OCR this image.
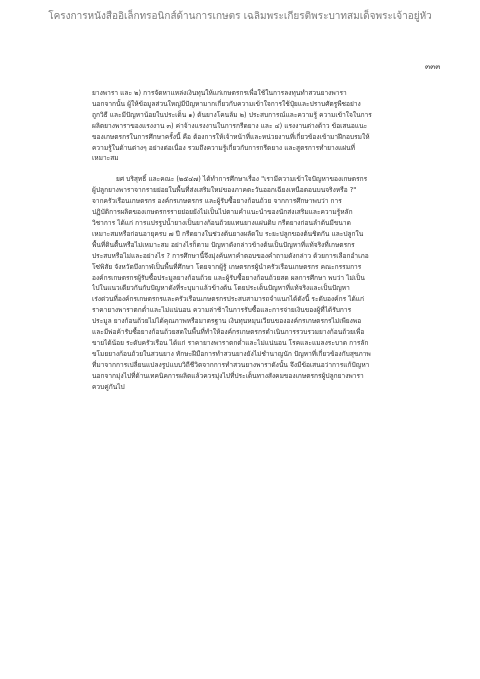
โครงการหนังสืออิเล็กทรอนิกส์ด้านการเกษตร เฉลิมพระเกียรติพระบาทสมเด็จพระเจ้าอยู่หัว
๓๓๓
ยางพารา และ ๒) การจัดหาแหล่งเงินทุนให้แก่เกษตรกรเพื่อใช้ในการลงทุนทำสวนยางพารา
นอกจากนั้น ผู้ให้ข้อมูลส่วนใหญ่มีปัญหามากเกี่ยวกับความเข้าใจการใช้ปุ๋ยและปราบศัตรูพืชอย่าง
ถูกวิธี และมีปัญหาน้อยในประเด็น ๑) ต้นยางโคนล้ม ๒) ประสบการณ์และความรู้ ความเข้าใจในการ
ผลิตยางพาราของแรงงาน ๓) ค่าจ้างแรงงานในการกรีดยาง และ ๔) แรงงานต่างด้าว ข้อเสนอแนะ
ของเกษตรกรในการศึกษาครั้งนี้ คือ ต้องการให้เจ้าหน้าที่และหน่วยงานที่เกี่ยวข้องเข้ามาฝึกอบรมให้
ความรู้ในด้านต่างๆ อย่างต่อเนื่อง รวมถึงความรู้เกี่ยวกับการกรีดยาง และสูตรการทำยางแผ่นที่
เหมาะสม
ยศ บริสุทธิ์ และคณะ (๒๕๔๗) ได้ทำการศึกษาเรื่อง "เรามีความเข้าใจปัญหาของเกษตรกร
ผู้ปลูกยางพาราจากรายย่อยในพื้นที่ส่งเสริมใหม่ของภาคตะวันออกเฉียงเหนือตอนบนจริงหรือ ?"
จากครัวเรือนเกษตรกร องค์กรเกษตรกร และผู้รับซื้อยางก้อนถ้วย จากการศึกษาพบว่า การ
ปฏิบัติการผลิตของเกษตรกรรายย่อยยังไม่เป็นไปตามคำแนะนำของนักส่งเสริมและความรู้หลัก
วิชาการ ได้แก่ การแปรรูปน้ำยางเป็นยางก้อนถ้วยแทนยางแผ่นดิบ กรีดยางก่อนลำต้นมีขนาด
เหมาะสมหรือก่อนอายุครบ ๗ ปี กรีดยางในช่วงต้นยางผลัดใบ ระยะปลูกของต้นชิดกัน และปลูกใน
พื้นที่ดินตื้นหรือไม่เหมาะสม อย่างไรก็ตาม ปัญหาดังกล่าวข้างต้นเป็นปัญหาที่แท้จริงที่เกษตรกร
ประสบหรือไม่และอย่างไร ? การศึกษานี้จึงมุ่งค้นหาคำตอบของคำถามดังกล่าว ด้วยการเลือกอำเภอ
โซ่พิสัย จังหวัดบึงกาฬเป็นพื้นที่ศึกษา โดยจากผู้รู้ เกษตรกรผู้นำครัวเรือนเกษตรกร คณะกรรมการ
องค์กรเกษตรกรผู้รับซื้อประมูลยางก้อนถ้วย และผู้รับซื้อยางก้อนถ้วยสด ผลการศึกษา พบว่า ไม่เป็น
ไปในแนวเดียวกันกับปัญหาดังที่ระบุมาแล้วข้างต้น โดยประเด็นปัญหาที่แท้จริงและเป็นปัญหา
เร่งด่วนที่องค์กรเกษตรกรและครัวเรือนเกษตรกรประสบสามารถจำแนกได้ดังนี้ ระดับองค์กร ได้แก่
ราคายางพาราตกต่ำและไม่แน่นอน ความล่าช้าในการรับซื้อและการจ่ายเงินของผู้ที่ได้รับการ
ประมูล ยางก้อนถ้วยไม่ได้คุณภาพหรือมาตรฐาน เงินทุนหมุนเวียนขององค์กรเกษตรกรไม่เพียงพอ
และมีพ่อค้ารับซื้อยางก้อนถ้วยสดในพื้นที่ทำให้องค์กรเกษตรกรดำเนินการรวบรวมยางก้อนถ้วยเพื่อ
ขายได้น้อย ระดับครัวเรือน ได้แก่ ราคายางพาราตกต่ำและไม่แน่นอน โรคและแมลงระบาด การลัก
ขโมยยางก้อนถ้วยในสวนยาง ทักษะฝีมือการทำสวนยางยังไม่ชำนาญนัก ปัญหาที่เกี่ยวข้องกับสุขภาพ
ที่มาจากการเปลี่ยนแปลงรูปแบบวิถีชีวิตจากการทำสวนยางพาราดังนั้น จึงมีข้อเสนอว่าการแก้ปัญหา
นอกจากมุ่งไปที่ด้านเทคนิคการผลิตแล้วควรมุ่งไปที่ประเด็นทางสังคมของเกษตรกรผู้ปลูกยางพารา
ควบคู่กันไป
